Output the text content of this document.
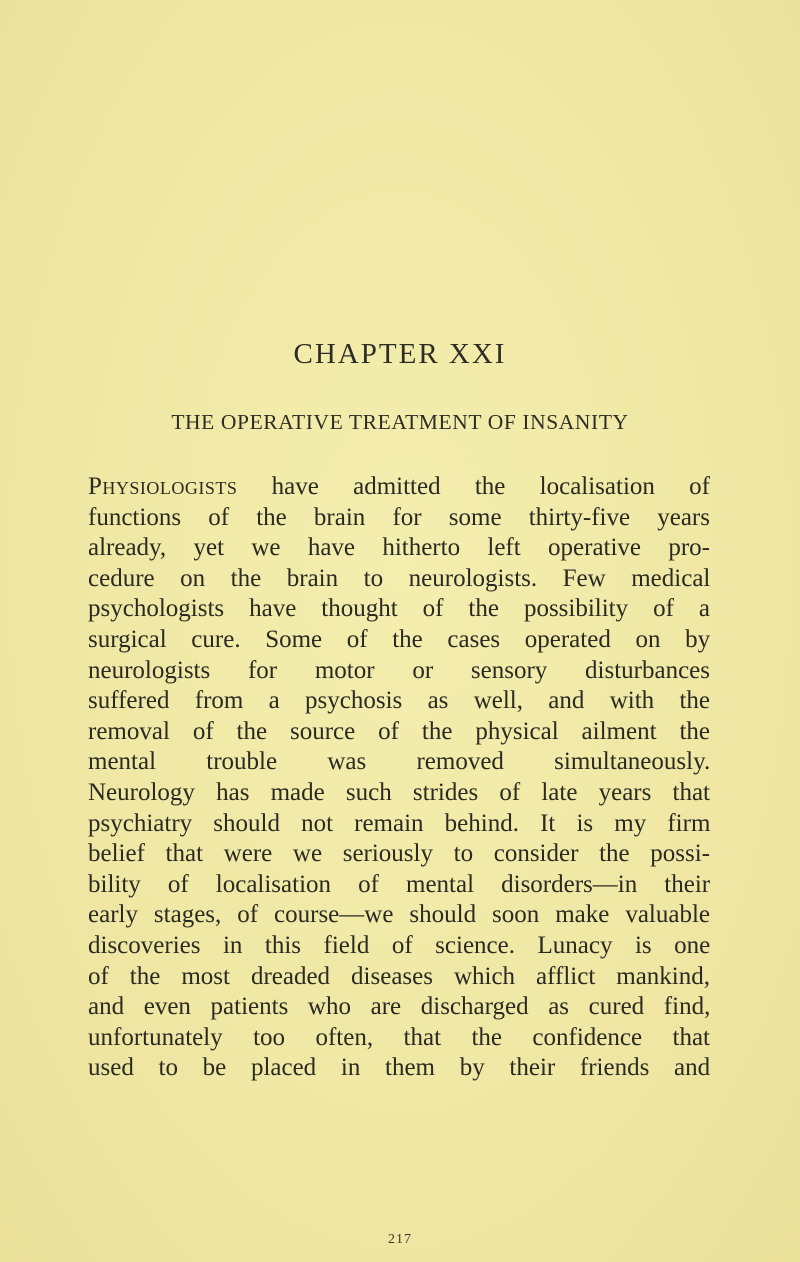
CHAPTER XXI
THE OPERATIVE TREATMENT OF INSANITY
Physiologists have admitted the localisation of
functions of the brain for some thirty-five years
already, yet we have hitherto left operative pro-
cedure on the brain to neurologists. Few medical
psychologists have thought of the possibility of a
surgical cure. Some of the cases operated on by
neurologists for motor or sensory disturbances
suffered from a psychosis as well, and with the
removal of the source of the physical ailment the
mental trouble was removed simultaneously.
Neurology has made such strides of late years that
psychiatry should not remain behind. It is my firm
belief that were we seriously to consider the possi-
bility of localisation of mental disorders—in their
early stages, of course—we should soon make valuable
discoveries in this field of science. Lunacy is one
of the most dreaded diseases which afflict mankind,
and even patients who are discharged as cured find,
unfortunately too often, that the confidence that
used to be placed in them by their friends and
217
